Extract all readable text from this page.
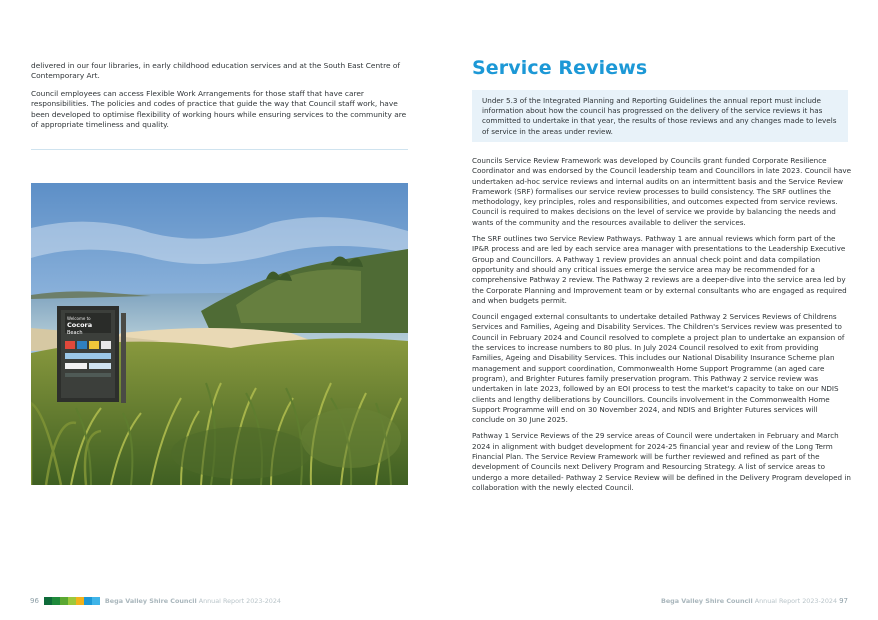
delivered in our four libraries, in early childhood education services and at the South East Centre of Contemporary Art.

Council employees can access Flexible Work Arrangements for those staff that have carer responsibilities. The policies and codes of practice that guide the way that Council staff work, have been developed to optimise flexibility of working hours while ensuring services to the community are of appropriate timeliness and quality.

Welcome to
Cocora
Beach
96	Bega Valley Shire Council Annual Report 2023-2024
Service Reviews

Under 5.3 of the Integrated Planning and Reporting Guidelines the annual report must include information about how the council has progressed on the delivery of the service reviews it has committed to undertake in that year, the results of those reviews and any changes made to levels of service in the areas under review.

Councils Service Review Framework was developed by Councils grant funded Corporate Resilience Coordinator and was endorsed by the Council leadership team and Councillors in late 2023. Council have undertaken ad-hoc service reviews and internal audits on an intermittent basis and the Service Review Framework (SRF) formalises our service review processes to build consistency. The SRF outlines the methodology, key principles, roles and responsibilities, and outcomes expected from service reviews. Council is required to makes decisions on the level of service we provide by balancing the needs and wants of the community and the resources available to deliver the services.

The SRF outlines two Service Review Pathways. Pathway 1 are annual reviews which form part of the IP&R process and are led by each service area manager with presentations to the Leadership Executive Group and Councillors. A Pathway 1 review provides an annual check point and data compilation opportunity and should any critical issues emerge the service area may be recommended for a comprehensive Pathway 2 review. The Pathway 2 reviews are a deeper-dive into the service area led by the Corporate Planning and Improvement team or by external consultants who are engaged as required and when budgets permit.

Council engaged external consultants to undertake detailed Pathway 2 Services Reviews of Childrens Services and Families, Ageing and Disability Services. The Children's Services review was presented to Council in February 2024 and Council resolved to complete a project plan to undertake an expansion of the services to increase numbers to 80 plus. In July 2024 Council resolved to exit from providing Families, Ageing and Disability Services. This includes our National Disability Insurance Scheme plan management and support coordination, Commonwealth Home Support Programme (an aged care program), and Brighter Futures family preservation program. This Pathway 2 service review was undertaken in late 2023, followed by an EOI process to test the market's capacity to take on our NDIS clients and lengthy deliberations by Councillors. Councils involvement in the Commonwealth Home Support Programme will end on 30 November 2024, and NDIS and Brighter Futures services will conclude on 30 June 2025.

Pathway 1 Service Reviews of the 29 service areas of Council were undertaken in February and March 2024 in alignment with budget development for 2024-25 financial year and review of the Long Term Financial Plan. The Service Review Framework will be further reviewed and refined as part of the development of Councils next Delivery Program and Resourcing Strategy. A list of service areas to undergo a more detailed- Pathway 2 Service Review will be defined in the Delivery Program developed in collaboration with the newly elected Council.

Bega Valley Shire Council Annual Report 2023-2024 97
